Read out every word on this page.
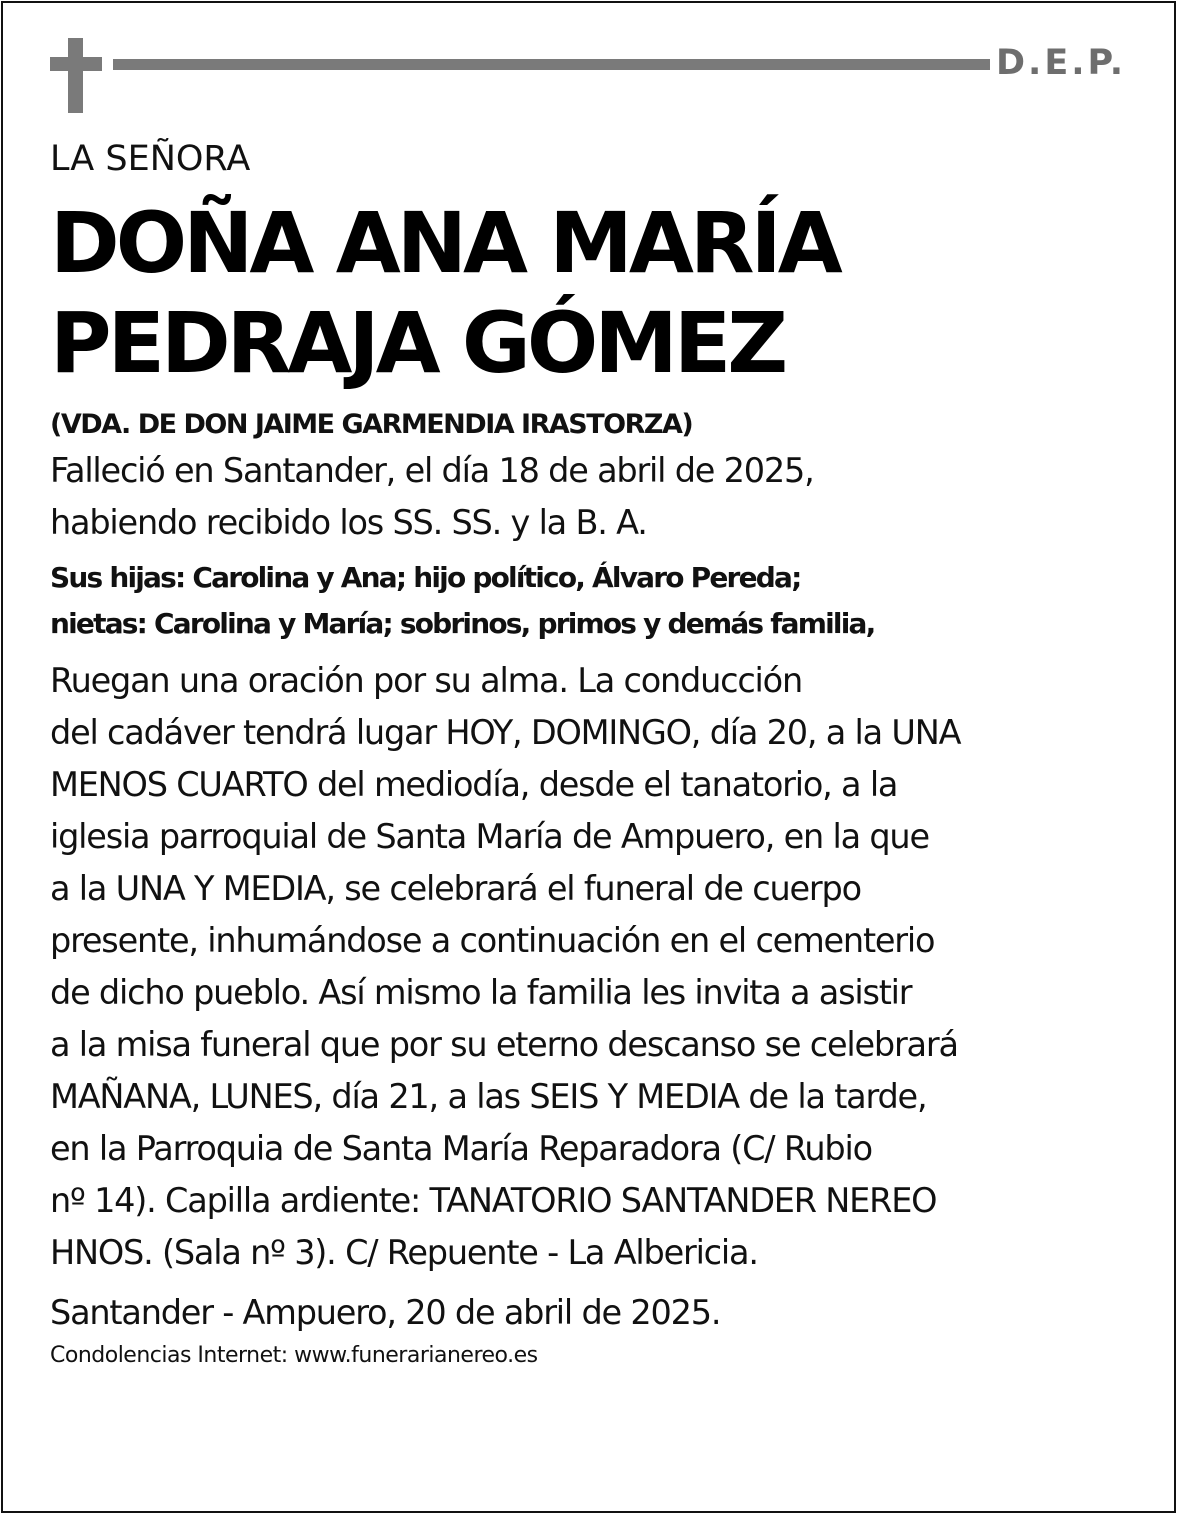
D.E.P.

LA SEÑORA

DOÑA ANA MARÍA
PEDRAJA GÓMEZ

(VDA. DE DON JAIME GARMENDIA IRASTORZA)

Falleció en Santander, el día 18 de abril de 2025,
habiendo recibido los SS. SS. y la B. A.

Sus hijas: Carolina y Ana; hijo político, Álvaro Pereda;
nietas: Carolina y María; sobrinos, primos y demás familia,

Ruegan una oración por su alma. La conducción
del cadáver tendrá lugar HOY, DOMINGO, día 20, a la UNA
MENOS CUARTO del mediodía, desde el tanatorio, a la
iglesia parroquial de Santa María de Ampuero, en la que
a la UNA Y MEDIA, se celebrará el funeral de cuerpo
presente, inhumándose a continuación en el cementerio
de dicho pueblo. Así mismo la familia les invita a asistir
a la misa funeral que por su eterno descanso se celebrará
MAÑANA, LUNES, día 21, a las SEIS Y MEDIA de la tarde,
en la Parroquia de Santa María Reparadora (C/ Rubio
nº 14). Capilla ardiente: TANATORIO SANTANDER NEREO
HNOS. (Sala nº 3). C/ Repuente - La Albericia.

Santander - Ampuero, 20 de abril de 2025.

Condolencias Internet: www.funerarianereo.es
